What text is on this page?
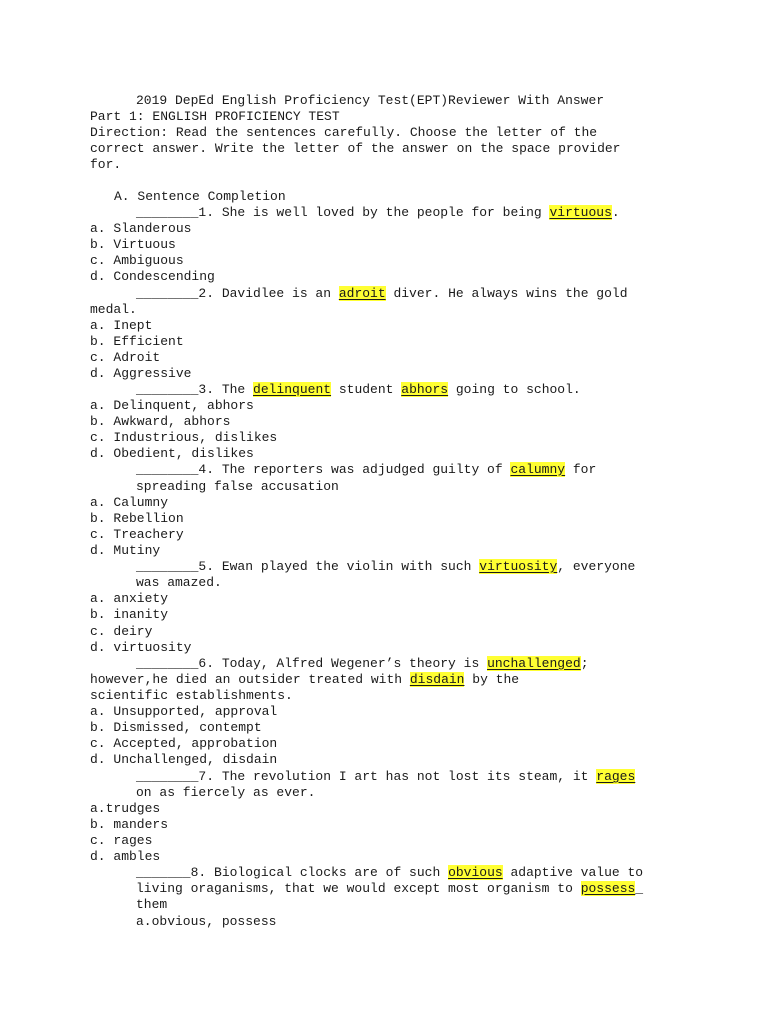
2019 DepEd English Proficiency Test(EPT)Reviewer With Answer
Part 1: ENGLISH PROFICIENCY TEST
Direction: Read the sentences carefully. Choose the letter of the
correct answer. Write the letter of the answer on the space provider
for.
A. Sentence Completion
________1. She is well loved by the people for being virtuous.
a. Slanderous
b. Virtuous
c. Ambiguous
d. Condescending
________2. Davidlee is an adroit diver. He always wins the gold
medal.
a. Inept
b. Efficient
c. Adroit
d. Aggressive
________3. The delinquent student abhors going to school.
a. Delinquent, abhors
b. Awkward, abhors
c. Industrious, dislikes
d. Obedient, dislikes
________4. The reporters was adjudged guilty of calumny for
spreading false accusation
a. Calumny
b. Rebellion
c. Treachery
d. Mutiny
________5. Ewan played the violin with such virtuosity, everyone
was amazed.
a. anxiety
b. inanity
c. deiry
d. virtuosity
________6. Today, Alfred Wegener’s theory is unchallenged;
however,he died an outsider treated with disdain by the
scientific establishments.
a. Unsupported, approval
b. Dismissed, contempt
c. Accepted, approbation
d. Unchallenged, disdain
________7. The revolution I art has not lost its steam, it rages
on as fiercely as ever.
a.trudges
b. manders
c. rages
d. ambles
_______8. Biological clocks are of such obvious adaptive value to
living oraganisms, that we would except most organism to possess_
them
a.obvious, possess
